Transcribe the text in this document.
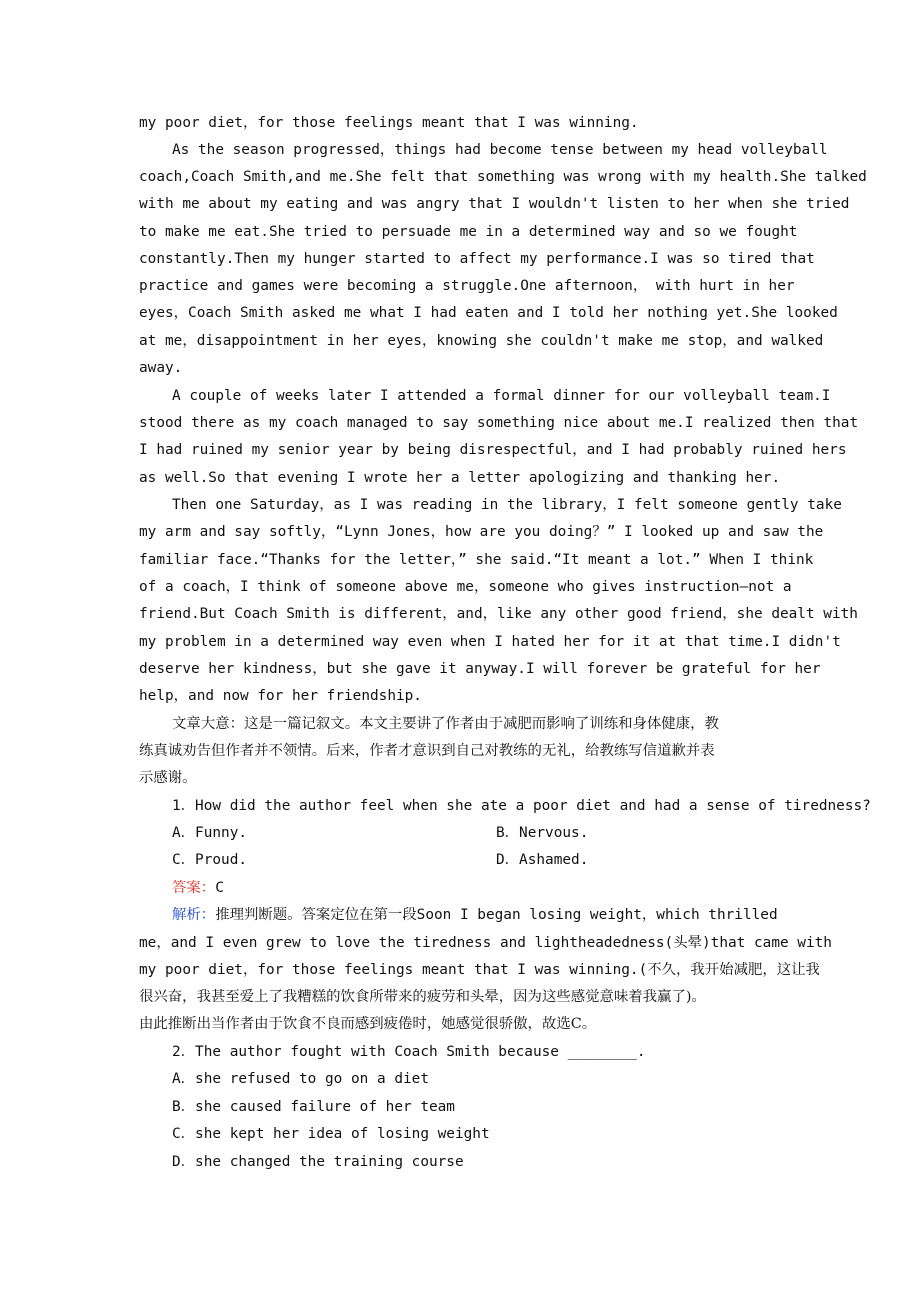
my poor diet，for those feelings meant that I was winning.

As the season progressed，things had become tense between my head volleyball

coach,Coach Smith,and me.She felt that something was wrong with my health.She talked

with me about my eating and was angry that I wouldn't listen to her when she tried

to make me eat.She tried to persuade me in a determined way and so we fought

constantly.Then my hunger started to affect my performance.I was so tired that

practice and games were becoming a struggle.One afternoon， with hurt in her

eyes，Coach Smith asked me what I had eaten and I told her nothing yet.She looked

at me，disappointment in her eyes，knowing she couldn't make me stop，and walked

away.

A couple of weeks later I attended a formal dinner for our volleyball team.I

stood there as my coach managed to say something nice about me.I realized then that

I had ruined my senior year by being disrespectful，and I had probably ruined hers

as well.So that evening I wrote her a letter apologizing and thanking her.

Then one Saturday，as I was reading in the library，I felt someone gently take

my arm and say softly，“Lynn Jones，how are you doing？” I looked up and saw the

familiar face.“Thanks for the letter，” she said.“It meant a lot.” When I think

of a coach，I think of someone above me，someone who gives instruction—not a

friend.But Coach Smith is different，and，like any other good friend，she dealt with

my problem in a determined way even when I hated her for it at that time.I didn't

deserve her kindness，but she gave it anyway.I will forever be grateful for her

help，and now for her friendship.

文章大意：这是一篇记叙文。本文主要讲了作者由于减肥而影响了训练和身体健康，教

练真诚劝告但作者并不领情。后来，作者才意识到自己对教练的无礼，给教练写信道歉并表

示感谢。

1．How did the author feel when she ate a poor diet and had a sense of tiredness?

A．Funny.	B．Nervous.

C．Proud.	D．Ashamed.

答案：C

解析：推理判断题。答案定位在第一段Soon I began losing weight，which thrilled

me，and I even grew to love the tiredness and lightheadedness(头晕)that came with

my poor diet，for those feelings meant that I was winning.(不久，我开始减肥，这让我

很兴奋，我甚至爱上了我糟糕的饮食所带来的疲劳和头晕，因为这些感觉意味着我赢了)。

由此推断出当作者由于饮食不良而感到疲倦时，她感觉很骄傲，故选C。

2．The author fought with Coach Smith because ________.

A．she refused to go on a diet

B．she caused failure of her team

C．she kept her idea of losing weight

D．she changed the training course
